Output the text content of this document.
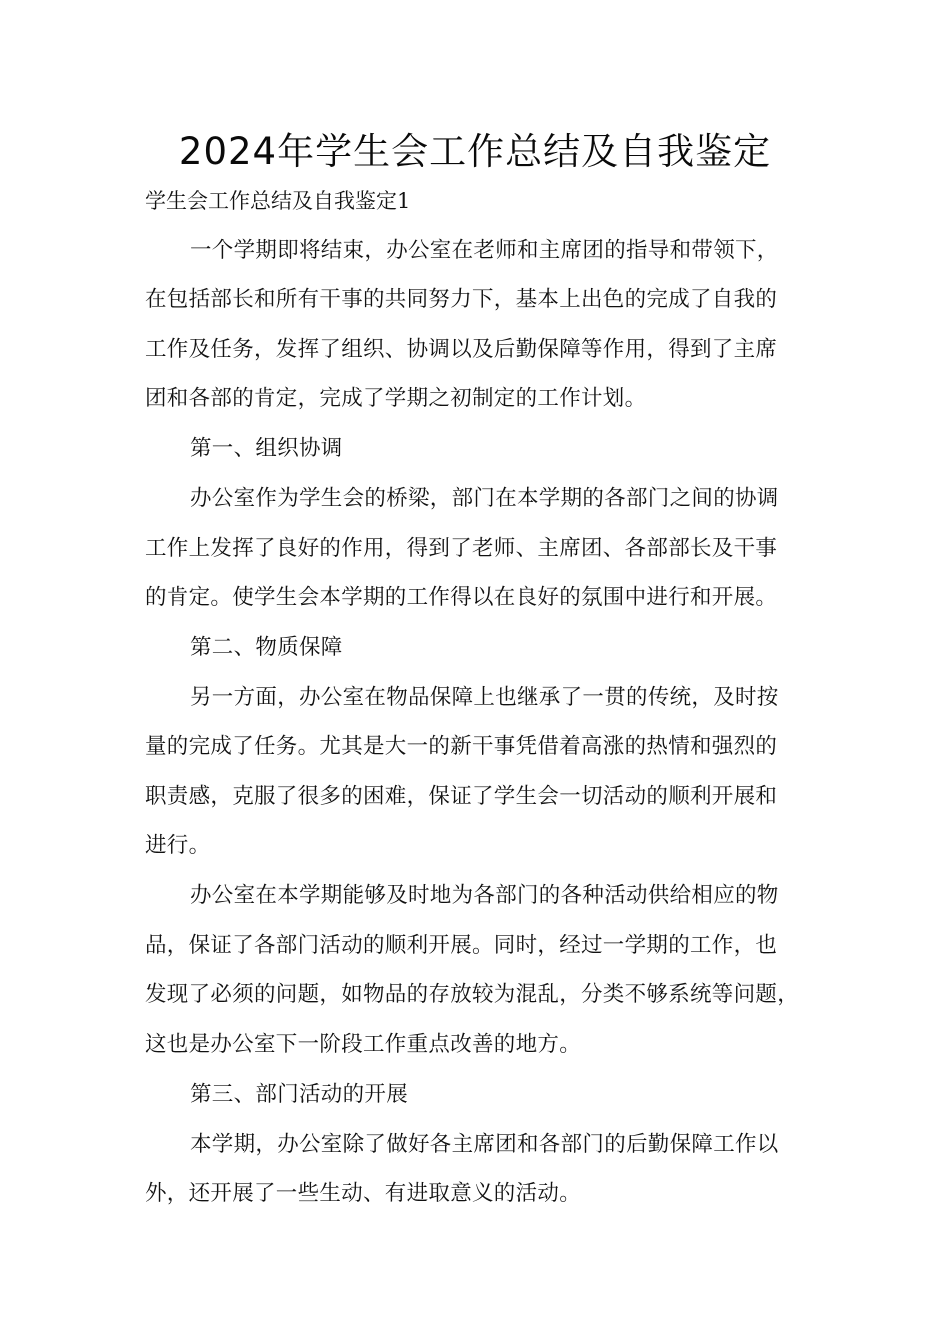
2024年学生会工作总结及自我鉴定

学生会工作总结及自我鉴定1

一个学期即将结束，办公室在老师和主席团的指导和带领下，

在包括部长和所有干事的共同努力下，基本上出色的完成了自我的

工作及任务，发挥了组织、协调以及后勤保障等作用，得到了主席

团和各部的肯定，完成了学期之初制定的工作计划。

第一、组织协调

办公室作为学生会的桥梁，部门在本学期的各部门之间的协调

工作上发挥了良好的作用，得到了老师、主席团、各部部长及干事

的肯定。使学生会本学期的工作得以在良好的氛围中进行和开展。

第二、物质保障

另一方面，办公室在物品保障上也继承了一贯的传统，及时按

量的完成了任务。尤其是大一的新干事凭借着高涨的热情和强烈的

职责感，克服了很多的困难，保证了学生会一切活动的顺利开展和

进行。

办公室在本学期能够及时地为各部门的各种活动供给相应的物

品，保证了各部门活动的顺利开展。同时，经过一学期的工作，也

发现了必须的问题，如物品的存放较为混乱，分类不够系统等问题，

这也是办公室下一阶段工作重点改善的地方。

第三、部门活动的开展

本学期，办公室除了做好各主席团和各部门的后勤保障工作以

外，还开展了一些生动、有进取意义的活动。
